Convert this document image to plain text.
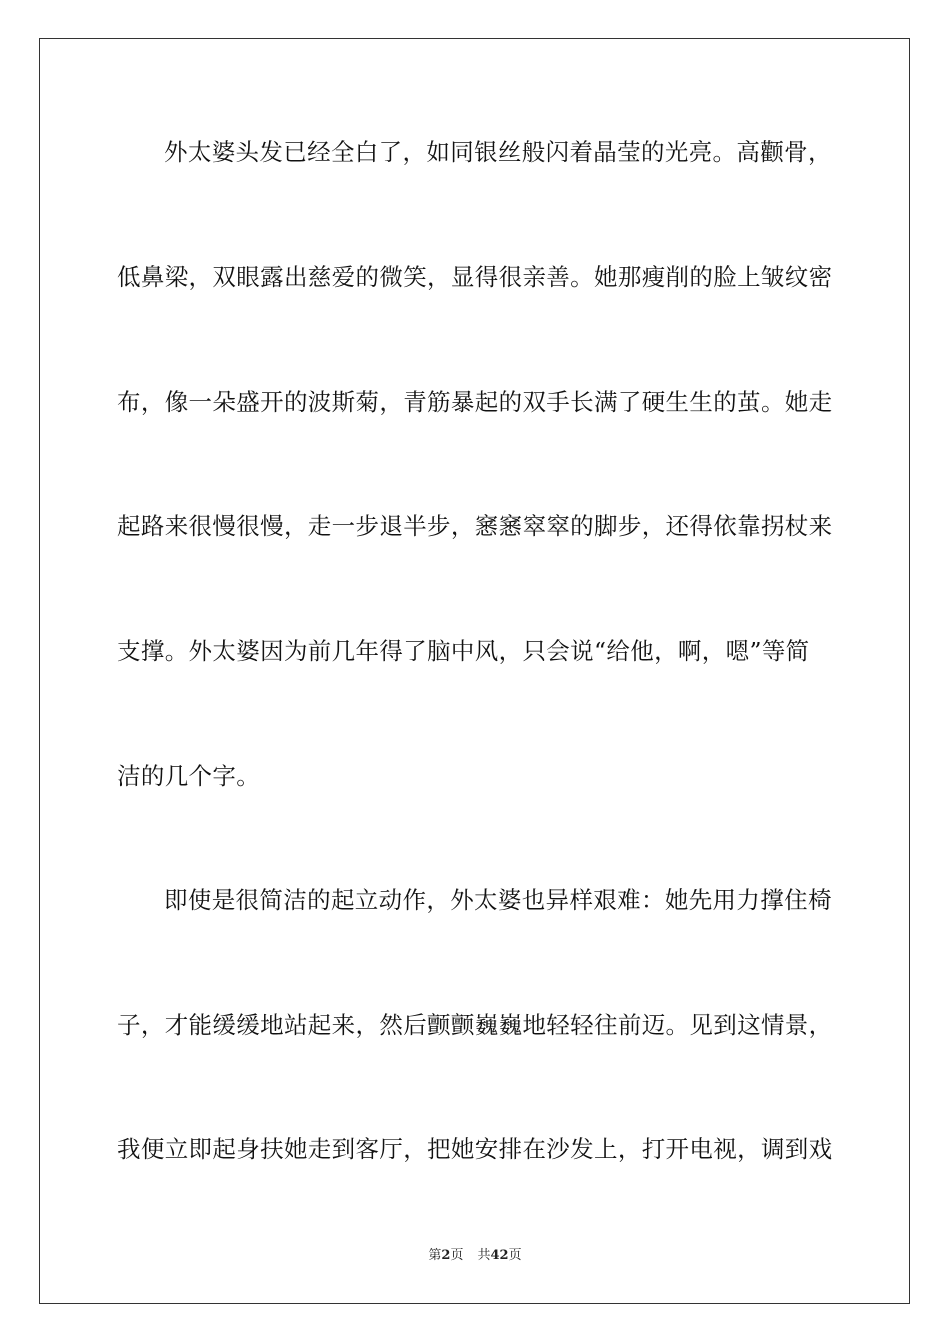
外太婆头发已经全白了，如同银丝般闪着晶莹的光亮。高颧骨，
低鼻梁，双眼露出慈爱的微笑，显得很亲善。她那瘦削的脸上皱纹密
布，像一朵盛开的波斯菊，青筋暴起的双手长满了硬生生的茧。她走
起路来很慢很慢，走一步退半步，窸窸窣窣的脚步，还得依靠拐杖来
支撑。外太婆因为前几年得了脑中风，只会说“给他，啊，嗯”等简
洁的几个字。
即使是很简洁的起立动作，外太婆也异样艰难：她先用力撑住椅
子，才能缓缓地站起来，然后颤颤巍巍地轻轻往前迈。见到这情景，
我便立即起身扶她走到客厅，把她安排在沙发上，打开电视，调到戏
第2页 共42页
